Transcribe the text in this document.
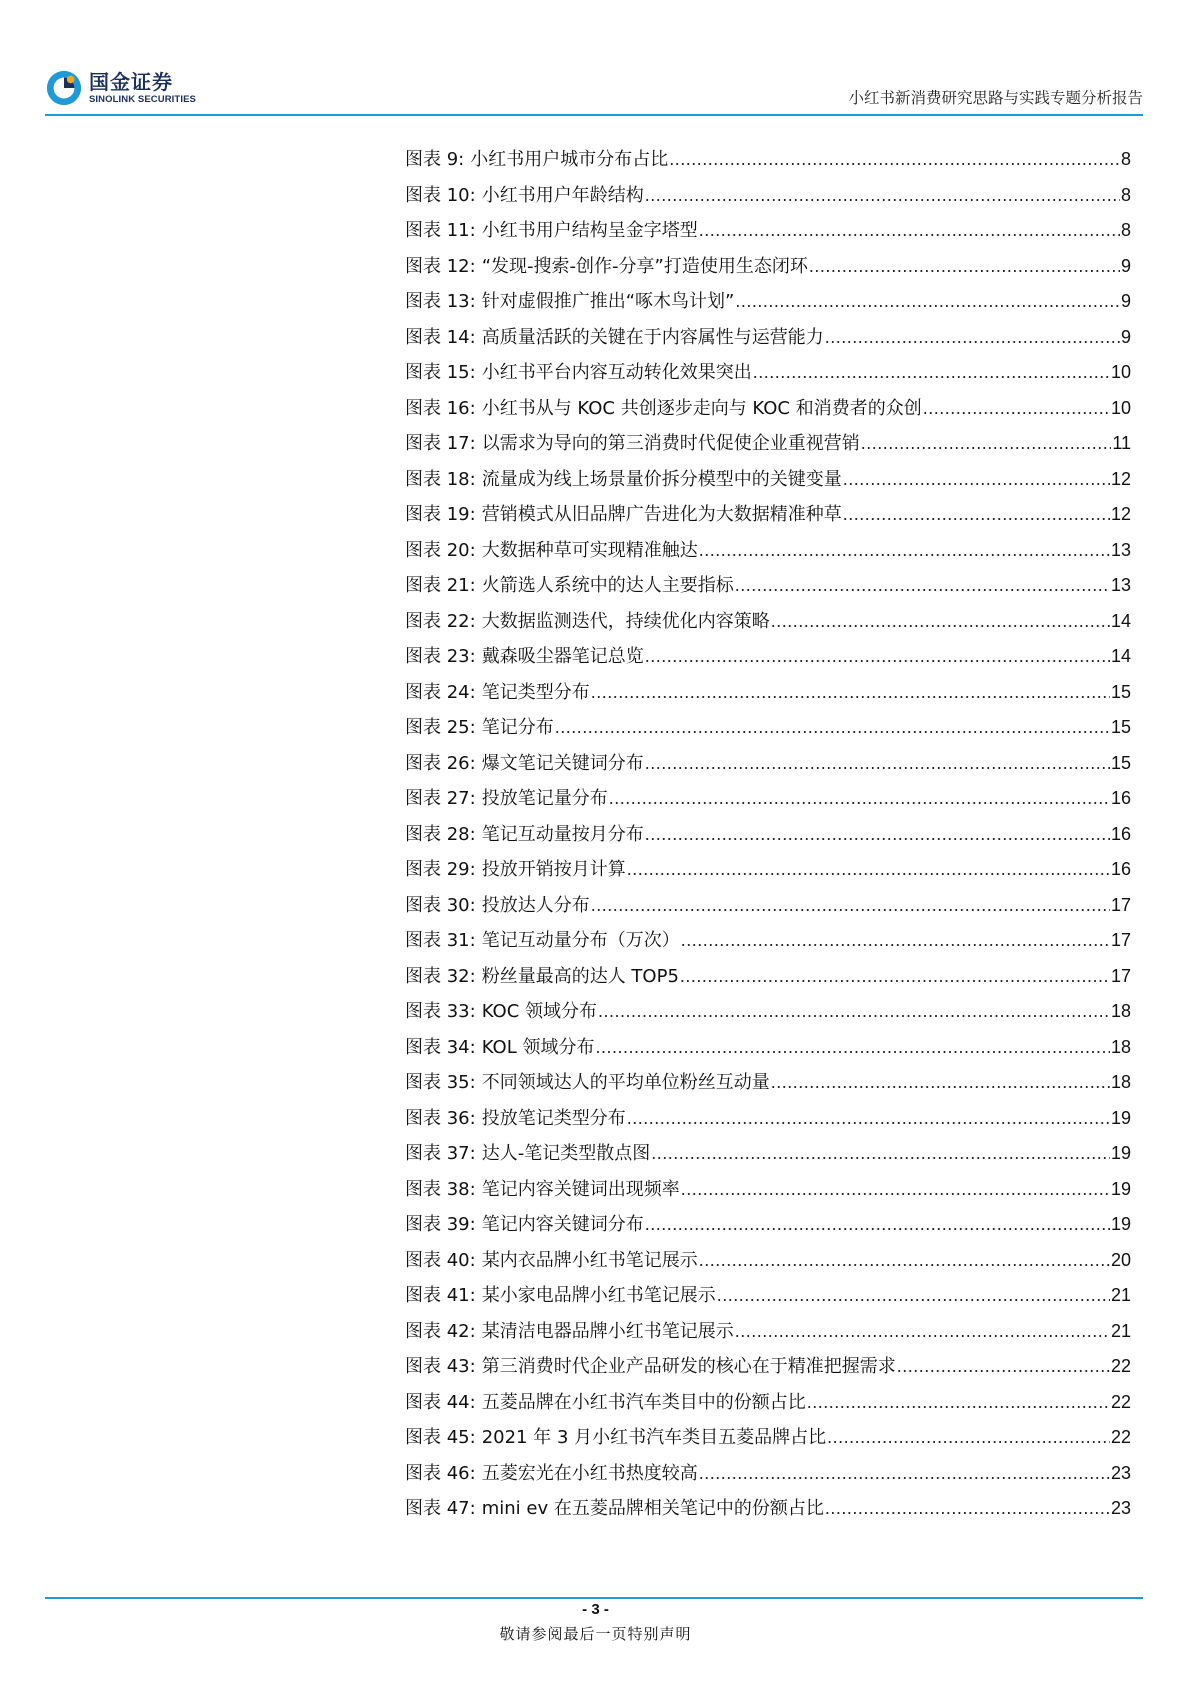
国金证券
SINOLINK SECURITIES	小红书新消费研究思路与实践专题分析报告
图表 9: 小红书用户城市分布占比 .....	8
图表 10: 小红书用户年龄结构 .....	8
图表 11: 小红书用户结构呈金字塔型 .....	8
图表 12: “发现-搜索-创作-分享”打造使用生态闭环 .....	9
图表 13: 针对虚假推广推出“啄木鸟计划” .....	9
图表 14: 高质量活跃的关键在于内容属性与运营能力 .....	9
图表 15: 小红书平台内容互动转化效果突出 .....	10
图表 16: 小红书从与 KOC 共创逐步走向与 KOC 和消费者的众创 .....	10
图表 17: 以需求为导向的第三消费时代促使企业重视营销 .....	11
图表 18: 流量成为线上场景量价拆分模型中的关键变量 .....	12
图表 19: 营销模式从旧品牌广告进化为大数据精准种草 .....	12
图表 20: 大数据种草可实现精准触达 .....	13
图表 21: 火箭选人系统中的达人主要指标 .....	13
图表 22: 大数据监测迭代，持续优化内容策略 .....	14
图表 23: 戴森吸尘器笔记总览 .....	14
图表 24: 笔记类型分布 .....	15
图表 25: 笔记分布 .....	15
图表 26: 爆文笔记关键词分布 .....	15
图表 27: 投放笔记量分布 .....	16
图表 28: 笔记互动量按月分布 .....	16
图表 29: 投放开销按月计算 .....	16
图表 30: 投放达人分布 .....	17
图表 31: 笔记互动量分布（万次） .....	17
图表 32: 粉丝量最高的达人 TOP5 .....	17
图表 33: KOC 领域分布 .....	18
图表 34: KOL 领域分布 .....	18
图表 35: 不同领域达人的平均单位粉丝互动量 .....	18
图表 36: 投放笔记类型分布 .....	19
图表 37: 达人-笔记类型散点图 .....	19
图表 38: 笔记内容关键词出现频率 .....	19
图表 39: 笔记内容关键词分布 .....	19
图表 40: 某内衣品牌小红书笔记展示 .....	20
图表 41: 某小家电品牌小红书笔记展示 .....	21
图表 42: 某清洁电器品牌小红书笔记展示 .....	21
图表 43: 第三消费时代企业产品研发的核心在于精准把握需求 .....	22
图表 44: 五菱品牌在小红书汽车类目中的份额占比 .....	22
图表 45: 2021 年 3 月小红书汽车类目五菱品牌占比 .....	22
图表 46: 五菱宏光在小红书热度较高 .....	23
图表 47: mini ev 在五菱品牌相关笔记中的份额占比 .....	23
- 3 -
敬请参阅最后一页特别声明
